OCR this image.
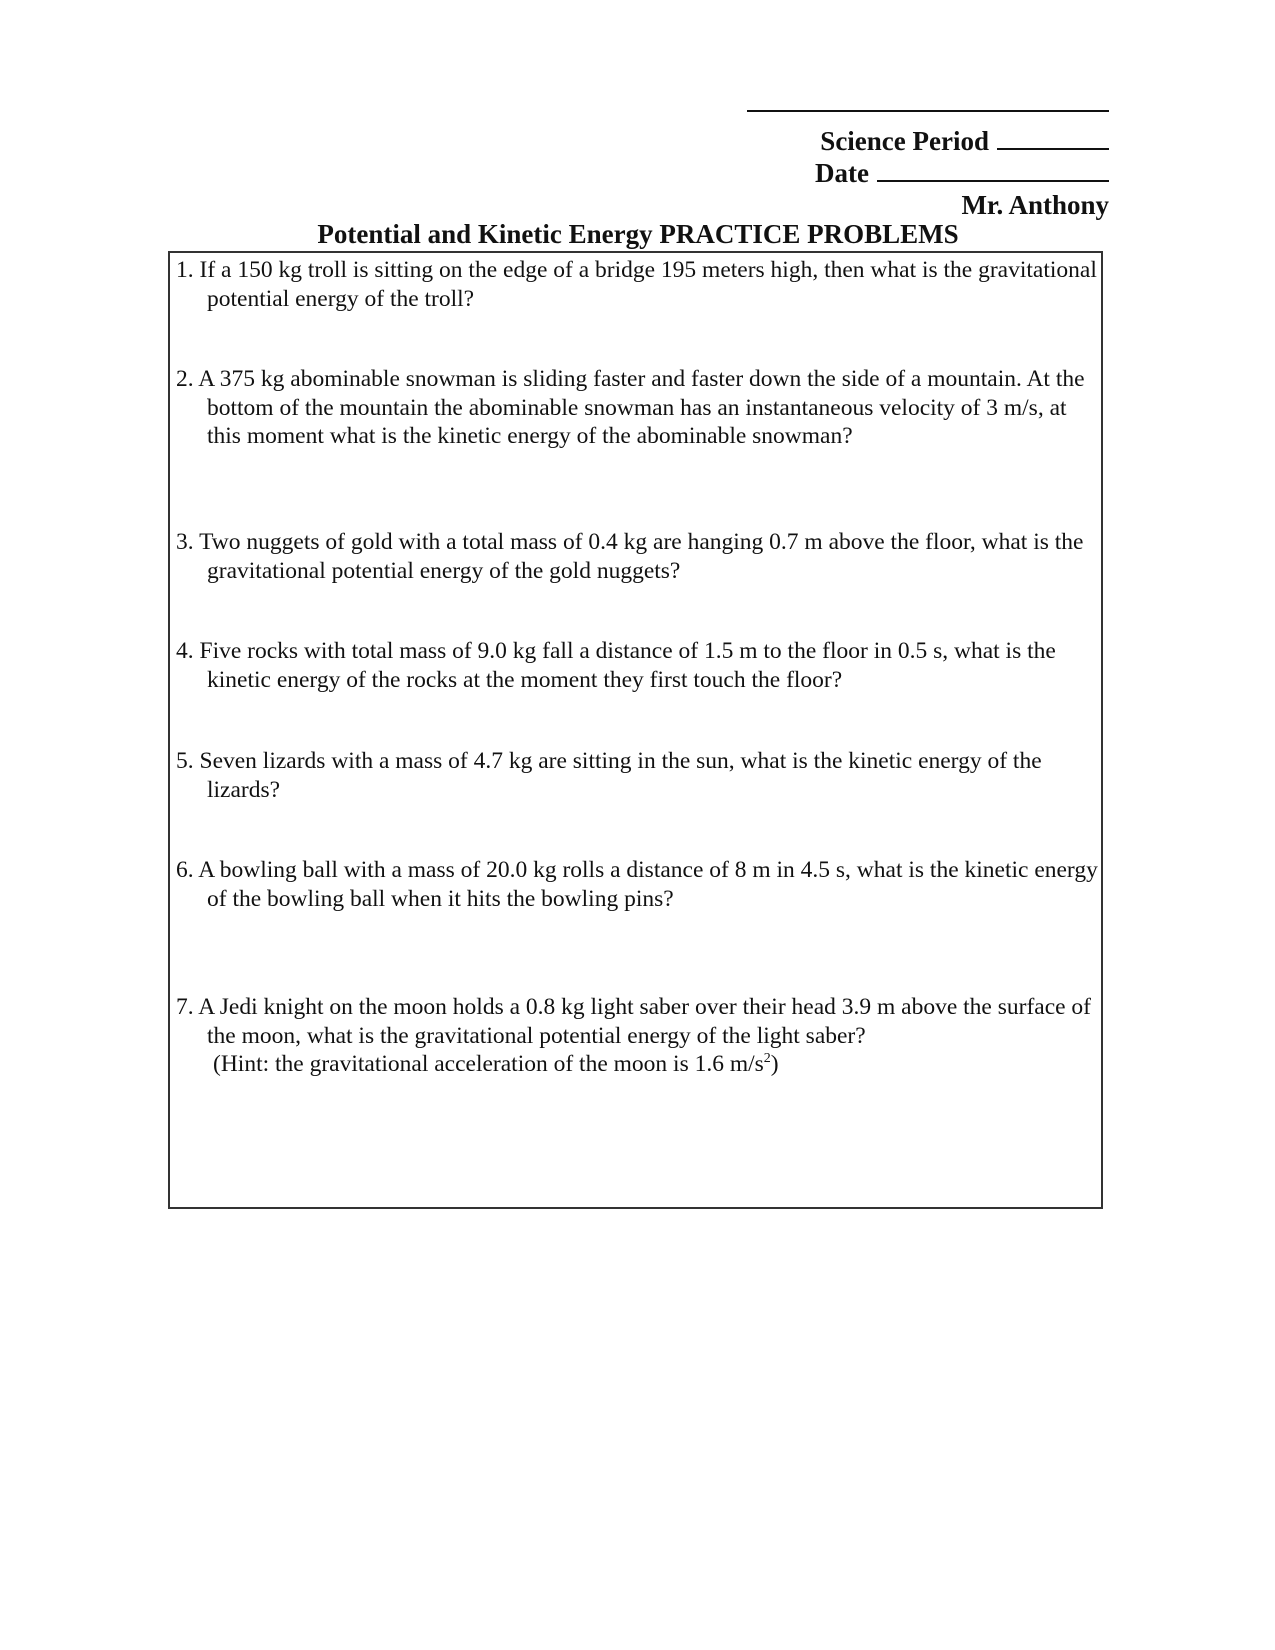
Science Period
Date
Mr. Anthony
Potential and Kinetic Energy PRACTICE PROBLEMS
1. If a 150 kg troll is sitting on the edge of a bridge 195 meters high, then what is the gravitational potential energy of the troll?
2. A 375 kg abominable snowman is sliding faster and faster down the side of a mountain. At the bottom of the mountain the abominable snowman has an instantaneous velocity of 3 m/s, at this moment what is the kinetic energy of the abominable snowman?
3. Two nuggets of gold with a total mass of 0.4 kg are hanging 0.7 m above the floor, what is the gravitational potential energy of the gold nuggets?
4. Five rocks with total mass of 9.0 kg fall a distance of 1.5 m to the floor in 0.5 s, what is the kinetic energy of the rocks at the moment they first touch the floor?
5. Seven lizards with a mass of 4.7 kg are sitting in the sun, what is the kinetic energy of the lizards?
6. A bowling ball with a mass of 20.0 kg rolls a distance of 8 m in 4.5 s, what is the kinetic energy of the bowling ball when it hits the bowling pins?
7. A Jedi knight on the moon holds a 0.8 kg light saber over their head 3.9 m above the surface of the moon, what is the gravitational potential energy of the light saber?
(Hint: the gravitational acceleration of the moon is 1.6 $m/s^2$)
